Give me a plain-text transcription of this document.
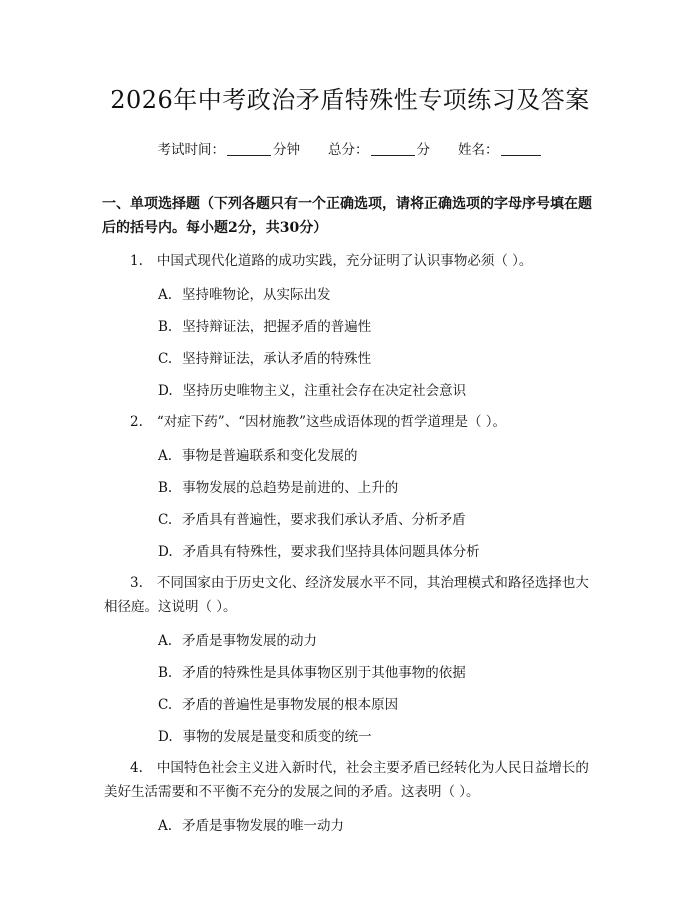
2026年中考政治矛盾特殊性专项练习及答案
考试时间：	分钟 总分：	分 姓名：
一、单项选择题（下列各题只有一个正确选项，请将正确选项的字母序号填在题后的括号内。每小题2分，共30分）
1. 中国式现代化道路的成功实践，充分证明了认识事物必须（ ）。
A. 坚持唯物论，从实际出发
B. 坚持辩证法，把握矛盾的普遍性
C. 坚持辩证法，承认矛盾的特殊性
D. 坚持历史唯物主义，注重社会存在决定社会意识
2. “对症下药”、“因材施教”这些成语体现的哲学道理是（ ）。
A. 事物是普遍联系和变化发展的
B. 事物发展的总趋势是前进的、上升的
C. 矛盾具有普遍性，要求我们承认矛盾、分析矛盾
D. 矛盾具有特殊性，要求我们坚持具体问题具体分析
3. 不同国家由于历史文化、经济发展水平不同，其治理模式和路径选择也大相径庭。这说明（ ）。
A. 矛盾是事物发展的动力
B. 矛盾的特殊性是具体事物区别于其他事物的依据
C. 矛盾的普遍性是事物发展的根本原因
D. 事物的发展是量变和质变的统一
4. 中国特色社会主义进入新时代，社会主要矛盾已经转化为人民日益增长的美好生活需要和不平衡不充分的发展之间的矛盾。这表明（ ）。
A. 矛盾是事物发展的唯一动力
